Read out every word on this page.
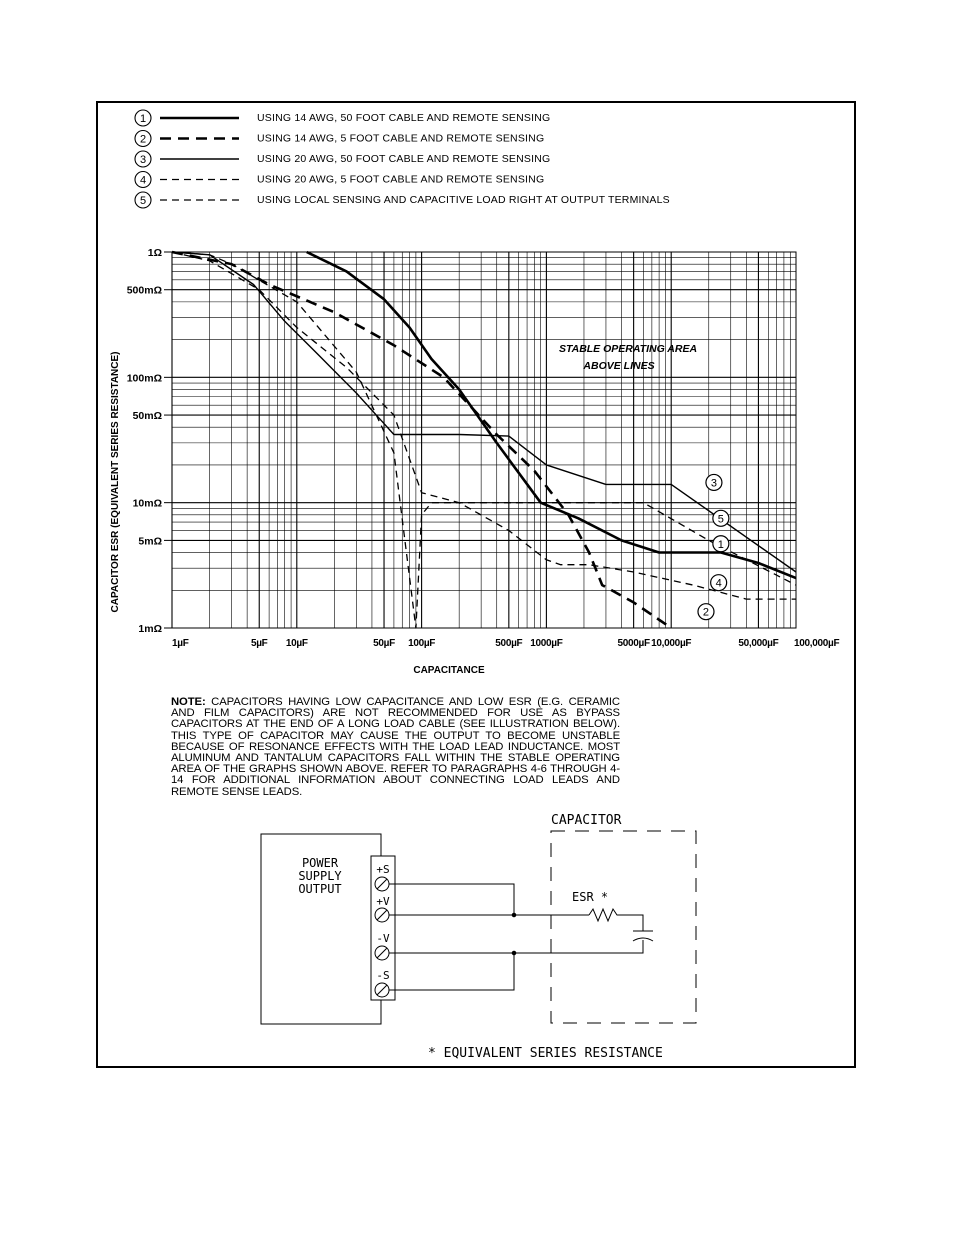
1	USING 14 AWG, 50 FOOT CABLE AND REMOTE SENSING
2	USING 14 AWG, 5 FOOT CABLE AND REMOTE SENSING
3	USING 20 AWG, 50 FOOT CABLE AND REMOTE SENSING
4	USING 20 AWG, 5 FOOT CABLE AND REMOTE SENSING
5	USING LOCAL SENSING AND CAPACITIVE LOAD RIGHT AT OUTPUT TERMINALS
1Ω
500mΩ
100mΩ
50mΩ
10mΩ
5mΩ
1mΩ
1µF	5µF 10µF	50µF 100µF	500µF 1000µF	5000µF 10,000µF	50,000µF 100,000µF
3
5
1
4
2
CAPACITOR ESR (EQUIVALENT SERIES RESISTANCE)
CAPACITANCE
STABLE OPERATING AREA
ABOVE LINES
POWER
SUPPLY
OUTPUT
+S
+V
-V
-S
CAPACITOR
ESR *
* EQUIVALENT SERIES RESISTANCE
NOTE: CAPACITORS HAVING LOW CAPACITANCE AND LOW ESR (E.G. CERAMIC AND FILM CAPACITORS) ARE NOT RECOMMENDED FOR USE AS BYPASS CAPACITORS AT THE END OF A LONG LOAD CABLE (SEE ILLUSTRATION BELOW). THIS TYPE OF CAPACITOR MAY CAUSE THE OUTPUT TO BECOME UNSTABLE BECAUSE OF RESONANCE EFFECTS WITH THE LOAD LEAD INDUCTANCE. MOST ALUMINUM AND TANTALUM CAPACITORS FALL WITHIN THE STABLE OPERATING AREA OF THE GRAPHS SHOWN ABOVE. REFER TO PARAGRAPHS 4-6 THROUGH 4-14 FOR ADDITIONAL INFORMATION ABOUT CONNECTING LOAD LEADS AND REMOTE SENSE LEADS.
